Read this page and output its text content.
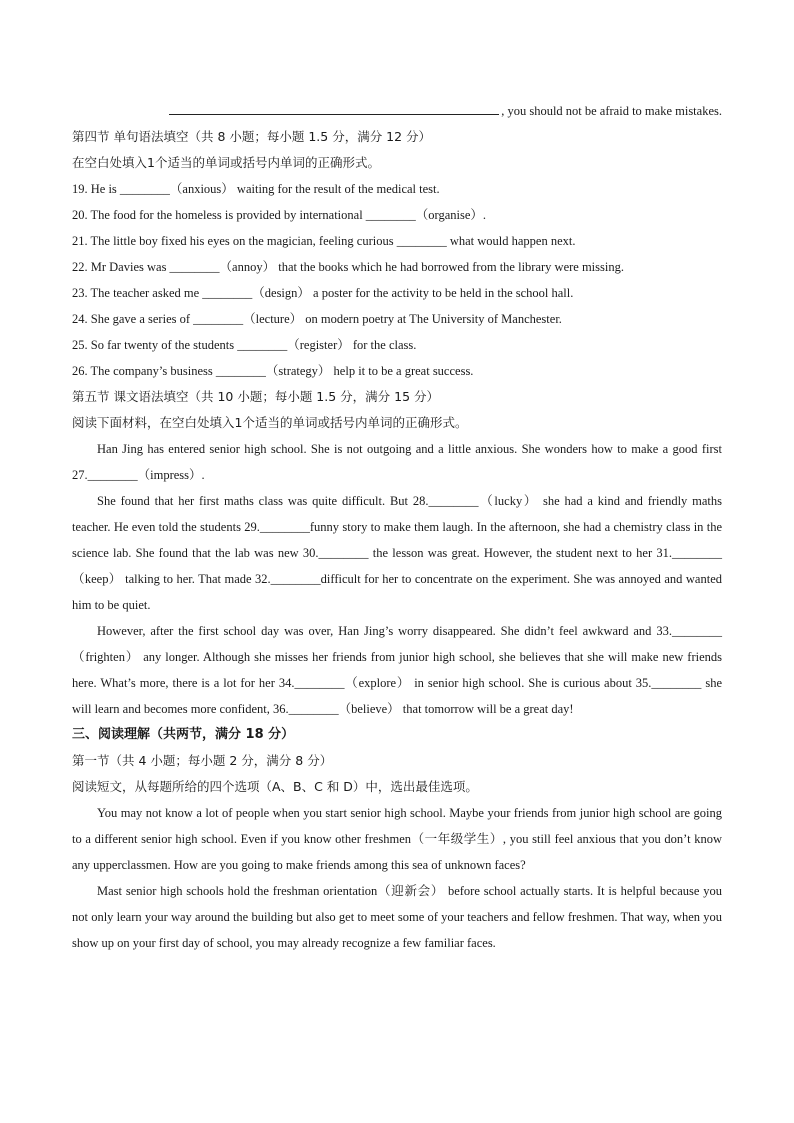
, you should not be afraid to make mistakes.
第四节 单句语法填空（共 8 小题；每小题 1.5 分，满分 12 分）
在空白处填入1个适当的单词或括号内单词的正确形式。
19. He is ________（anxious） waiting for the result of the medical test.
20. The food for the homeless is provided by international ________（organise）.
21. The little boy fixed his eyes on the magician, feeling curious ________ what would happen next.
22. Mr Davies was ________（annoy） that the books which he had borrowed from the library were missing.
23. The teacher asked me ________（design） a poster for the activity to be held in the school hall.
24. She gave a series of ________（lecture） on modern poetry at The University of Manchester.
25. So far twenty of the students ________（register） for the class.
26. The company’s business ________（strategy） help it to be a great success.
第五节 课文语法填空（共 10 小题；每小题 1.5 分，满分 15 分）
阅读下面材料，在空白处填入1个适当的单词或括号内单词的正确形式。

Han Jing has entered senior high school. She is not outgoing and a little anxious. She wonders how to make a good first 27.________（impress）.

She found that her first maths class was quite difficult. But 28.________（lucky） she had a kind and friendly maths teacher. He even told the students 29.________funny story to make them laugh. In the afternoon, she had a chemistry class in the science lab. She found that the lab was new 30.________ the lesson was great. However, the student next to her 31.________（keep） talking to her. That made 32.________difficult for her to concentrate on the experiment. She was annoyed and wanted him to be quiet.

However, after the first school day was over, Han Jing’s worry disappeared. She didn’t feel awkward and 33.________（frighten） any longer. Although she misses her friends from junior high school, she believes that she will make new friends here. What’s more, there is a lot for her 34.________（explore） in senior high school. She is curious about 35.________ she will learn and becomes more confident, 36.________（believe） that tomorrow will be a great day!

三、阅读理解（共两节，满分 18 分）
第一节（共 4 小题；每小题 2 分，满分 8 分）
阅读短文，从每题所给的四个选项（A、B、C 和 D）中，选出最佳选项。

You may not know a lot of people when you start senior high school. Maybe your friends from junior high school are going to a different senior high school. Even if you know other freshmen（一年级学生）, you still feel anxious that you don’t know any upperclassmen. How are you going to make friends among this sea of unknown faces?

Mast senior high schools hold the freshman orientation（迎新会） before school actually starts. It is helpful because you not only learn your way around the building but also get to meet some of your teachers and fellow freshmen. That way, when you show up on your first day of school, you may already recognize a few familiar faces.
